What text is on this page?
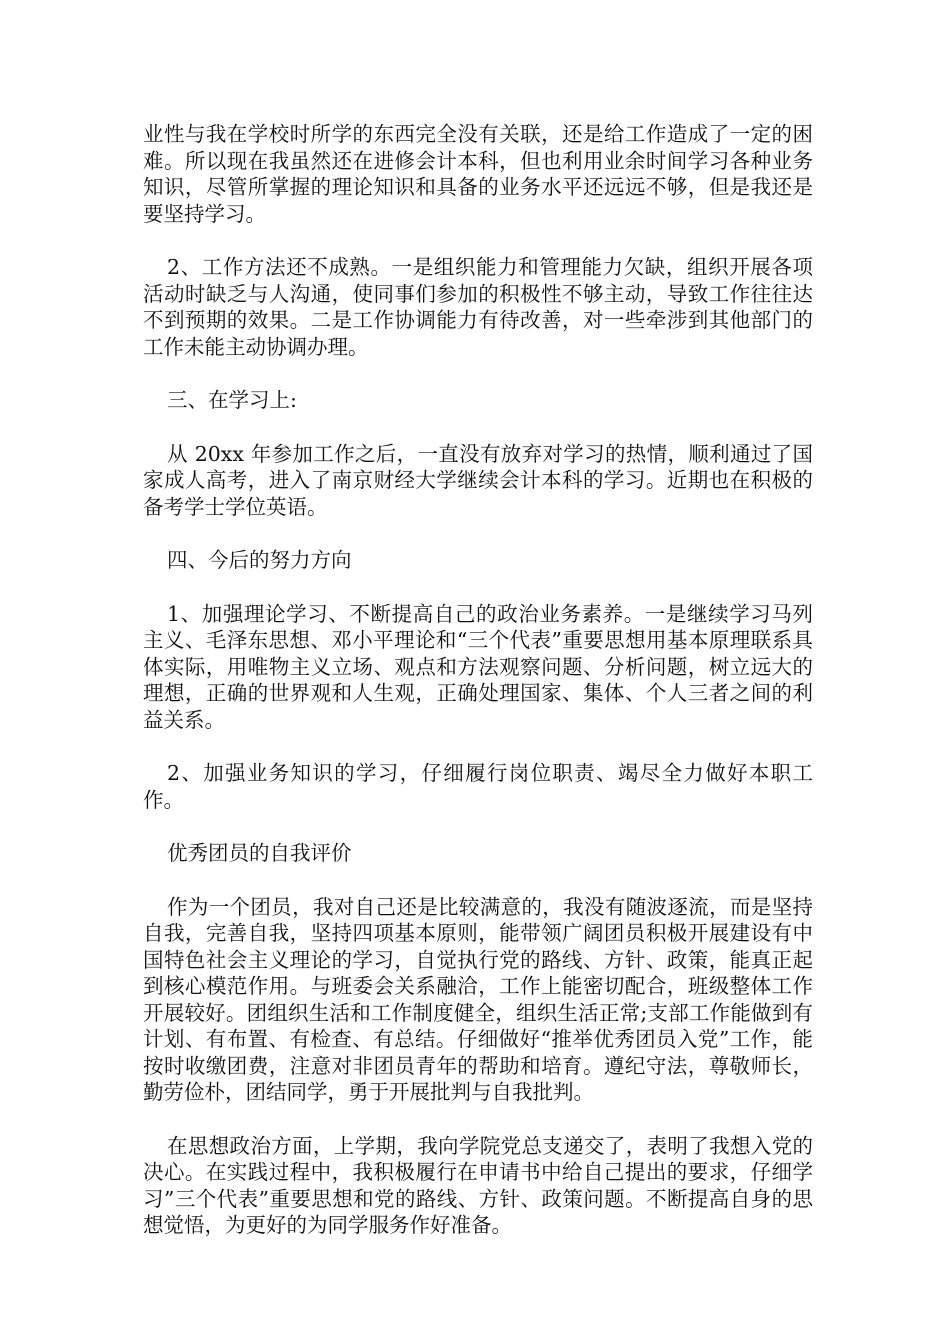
业性与我在学校时所学的东西完全没有关联，还是给工作造成了一定的困难。所以现在我虽然还在进修会计本科，但也利用业余时间学习各种业务知识，尽管所掌握的理论知识和具备的业务水平还远远不够，但是我还是要坚持学习。

2、工作方法还不成熟。一是组织能力和管理能力欠缺，组织开展各项活动时缺乏与人沟通，使同事们参加的积极性不够主动，导致工作往往达不到预期的效果。二是工作协调能力有待改善，对一些牵涉到其他部门的工作未能主动协调办理。

三、在学习上:

从 20xx 年参加工作之后，一直没有放弃对学习的热情，顺利通过了国家成人高考，进入了南京财经大学继续会计本科的学习。近期也在积极的备考学士学位英语。

四、今后的努力方向

1、加强理论学习、不断提高自己的政治业务素养。一是继续学习马列主义、毛泽东思想、邓小平理论和“三个代表”重要思想用基本原理联系具体实际，用唯物主义立场、观点和方法观察问题、分析问题，树立远大的理想，正确的世界观和人生观，正确处理国家、集体、个人三者之间的利益关系。

2、加强业务知识的学习，仔细履行岗位职责、竭尽全力做好本职工作。

优秀团员的自我评价

作为一个团员，我对自己还是比较满意的，我没有随波逐流，而是坚持自我，完善自我，坚持四项基本原则，能带领广阔团员积极开展建设有中国特色社会主义理论的学习，自觉执行党的路线、方针、政策，能真正起到核心模范作用。与班委会关系融洽，工作上能密切配合，班级整体工作开展较好。团组织生活和工作制度健全，组织生活正常;支部工作能做到有计划、有布置、有检查、有总结。仔细做好“推举优秀团员入党”工作，能按时收缴团费，注意对非团员青年的帮助和培育。遵纪守法，尊敬师长，勤劳俭朴，团结同学，勇于开展批判与自我批判。

在思想政治方面，上学期，我向学院党总支递交了，表明了我想入党的决心。在实践过程中，我积极履行在申请书中给自己提出的要求，仔细学习”三个代表”重要思想和党的路线、方针、政策问题。不断提高自身的思想觉悟，为更好的为同学服务作好准备。
